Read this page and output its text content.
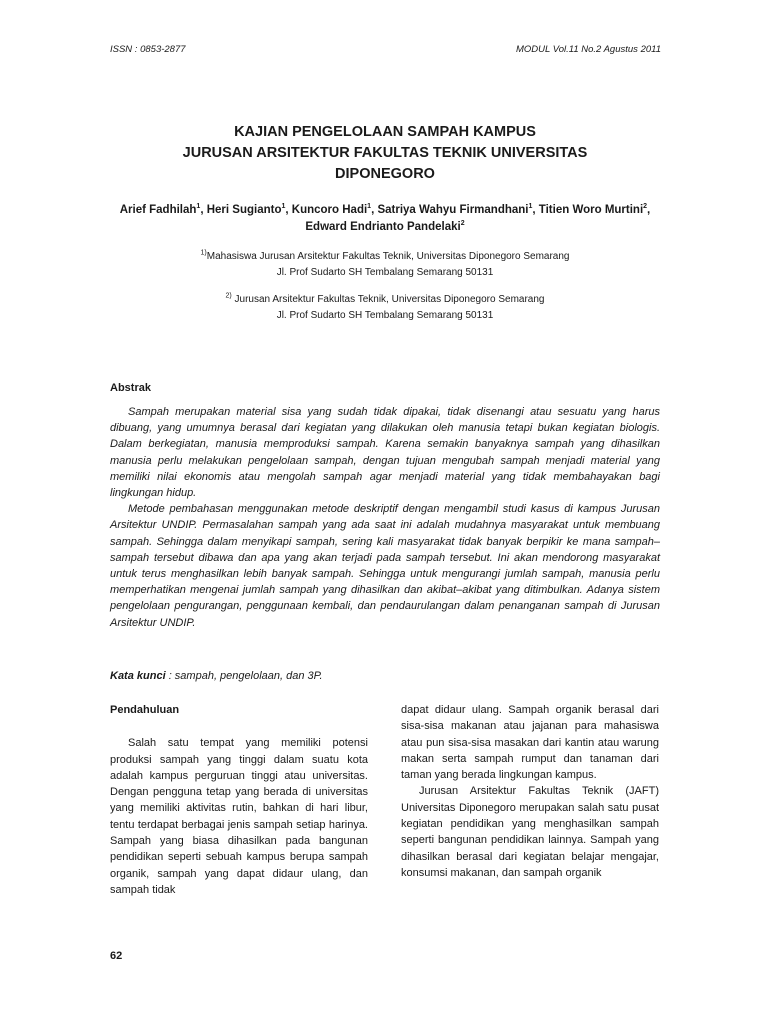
ISSN : 0853-2877	MODUL Vol.11 No.2 Agustus 2011
KAJIAN PENGELOLAAN SAMPAH KAMPUS
JURUSAN ARSITEKTUR FAKULTAS TEKNIK UNIVERSITAS
DIPONEGORO
Arief Fadhilah$^1$, Heri Sugianto$^1$, Kuncoro Hadi$^1$, Satriya Wahyu Firmandhani$^1$, Titien Woro Murtini$^2$, Edward Endrianto Pandelaki$^2$
$^{1)}$Mahasiswa Jurusan Arsitektur Fakultas Teknik, Universitas Diponegoro Semarang
Jl. Prof Sudarto SH Tembalang Semarang 50131
$^{2)}$ Jurusan Arsitektur Fakultas Teknik, Universitas Diponegoro Semarang
Jl. Prof Sudarto SH Tembalang Semarang 50131
Abstrak

Sampah merupakan material sisa yang sudah tidak dipakai, tidak disenangi atau sesuatu yang harus dibuang, yang umumnya berasal dari kegiatan yang dilakukan oleh manusia tetapi bukan kegiatan biologis. Dalam berkegiatan, manusia memproduksi sampah. Karena semakin banyaknya sampah yang dihasilkan manusia perlu melakukan pengelolaan sampah, dengan tujuan mengubah sampah menjadi material yang memiliki nilai ekonomis atau mengolah sampah agar menjadi material yang tidak membahayakan bagi lingkungan hidup.

Metode pembahasan menggunakan metode deskriptif dengan mengambil studi kasus di kampus Jurusan Arsitektur UNDIP. Permasalahan sampah yang ada saat ini adalah mudahnya masyarakat untuk membuang sampah. Sehingga dalam menyikapi sampah, sering kali masyarakat tidak banyak berpikir ke mana sampah–sampah tersebut dibawa dan apa yang akan terjadi pada sampah tersebut. Ini akan mendorong masyarakat untuk terus menghasilkan lebih banyak sampah. Sehingga untuk mengurangi jumlah sampah, manusia perlu memperhatikan mengenai jumlah sampah yang dihasilkan dan akibat–akibat yang ditimbulkan. Adanya sistem pengelolaan pengurangan, penggunaan kembali, dan pendaurulangan dalam penanganan sampah di Jurusan Arsitektur UNDIP.

Kata kunci : sampah, pengelolaan, dan 3P.

Pendahuluan

Salah satu tempat yang memiliki potensi produksi sampah yang tinggi dalam suatu kota adalah kampus perguruan tinggi atau universitas. Dengan pengguna tetap yang berada di universitas yang memiliki aktivitas rutin, bahkan di hari libur, tentu terdapat berbagai jenis sampah setiap harinya. Sampah yang biasa dihasilkan pada bangunan pendidikan seperti sebuah kampus berupa sampah organik, sampah yang dapat didaur ulang, dan sampah tidak

dapat didaur ulang. Sampah organik berasal dari sisa-sisa makanan atau jajanan para mahasiswa atau pun sisa-sisa masakan dari kantin atau warung makan serta sampah rumput dan tanaman dari taman yang berada lingkungan kampus.

Jurusan Arsitektur Fakultas Teknik (JAFT) Universitas Diponegoro merupakan salah satu pusat kegiatan pendidikan yang menghasilkan sampah seperti bangunan pendidikan lainnya. Sampah yang dihasilkan berasal dari kegiatan belajar mengajar, konsumsi makanan, dan sampah organik

62
